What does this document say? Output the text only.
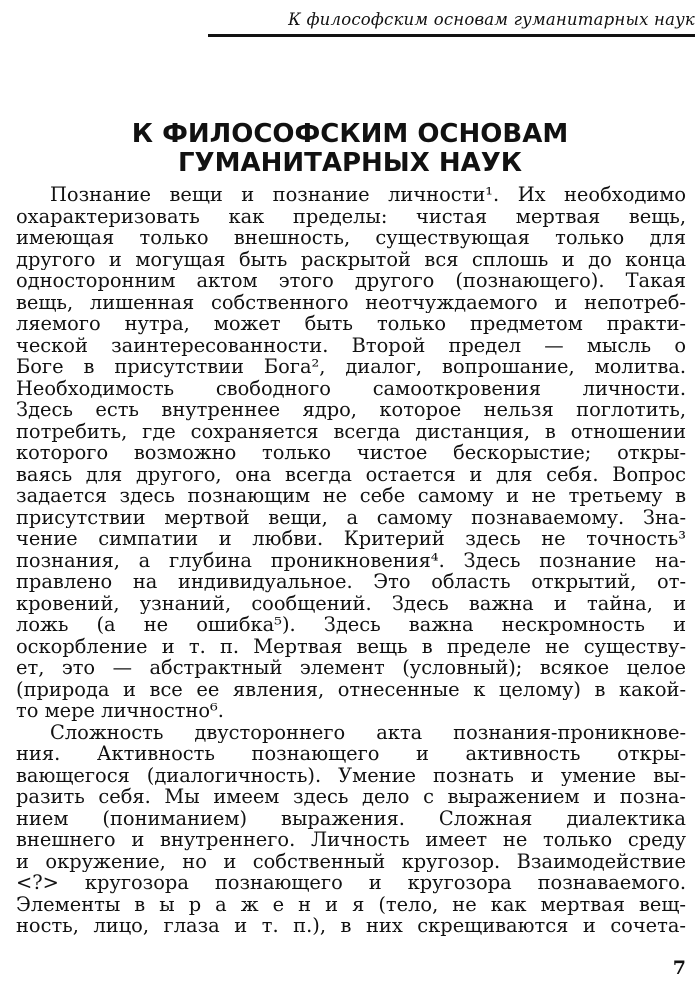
К философским основам гуманитарных наук
К ФИЛОСОФСКИМ ОСНОВАМ
ГУМАНИТАРНЫХ НАУК
Познание вещи и познание личности¹. Их необходимо
охарактеризовать как пределы: чистая мертвая вещь,
имеющая только внешность, существующая только для
другого и могущая быть раскрытой вся сплошь и до конца
односторонним актом этого другого (познающего). Такая
вещь, лишенная собственного неотчуждаемого и непотреб-
ляемого нутра, может быть только предметом практи-
ческой заинтересованности. Второй предел — мысль о
Боге в присутствии Бога², диалог, вопрошание, молитва.
Необходимость свободного самооткровения личности.
Здесь есть внутреннее ядро, которое нельзя поглотить,
потребить, где сохраняется всегда дистанция, в отношении
которого возможно только чистое бескорыстие; откры-
ваясь для другого, она всегда остается и для себя. Вопрос
задается здесь познающим не себе самому и не третьему в
присутствии мертвой вещи, а самому познаваемому. Зна-
чение симпатии и любви. Критерий здесь не точность³
познания, а глубина проникновения⁴. Здесь познание на-
правлено на индивидуальное. Это область открытий, от-
кровений, узнаний, сообщений. Здесь важна и тайна, и
ложь (а не ошибка⁵). Здесь важна нескромность и
оскорбление и т. п. Мертвая вещь в пределе не существу-
ет, это — абстрактный элемент (условный); всякое целое
(природа и все ее явления, отнесенные к целому) в какой-
то мере личностно⁶.
Сложность двустороннего акта познания-проникнове-
ния. Активность познающего и активность откры-
вающегося (диалогичность). Умение познать и умение вы-
разить себя. Мы имеем здесь дело с выражением и позна-
нием (пониманием) выражения. Сложная диалектика
внешнего и внутреннего. Личность имеет не только среду
и окружение, но и собственный кругозор. Взаимодействие
<?> кругозора познающего и кругозора познаваемого.
Элементы в ы р а ж е н и я (тело, не как мертвая вещ-
ность, лицо, глаза и т. п.), в них скрещиваются и сочета-
7
